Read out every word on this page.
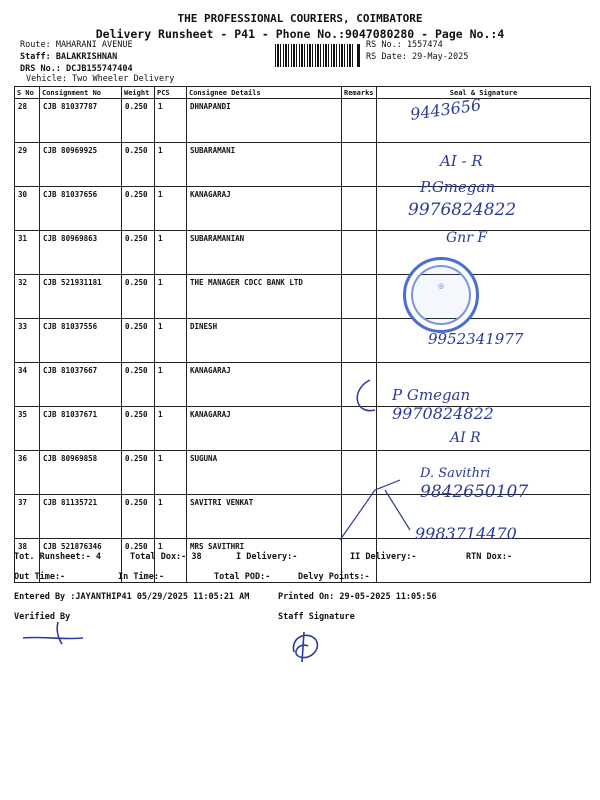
THE PROFESSIONAL COURIERS, COIMBATORE
Delivery Runsheet - P41 - Phone No.:9047080280 - Page No.:4
Route: MAHARANI AVENUE
Staff: BALAKRISHNAN
DRS No.: DCJB155747404
Vehicle: Two Wheeler Delivery
RS No.: 1557474
RS Date: 29-May-2025
S No	Consignment No	Weight	PCS	Consignee Details	Remarks	Seal & Signature
28	CJB 81037787	0.250	1	DHNAPANDI		
29	CJB 80969925	0.250	1	SUBARAMANI		
30	CJB 81037656	0.250	1	KANAGARAJ		
31	CJB 80969863	0.250	1	SUBARAMANIAN		
32	CJB 521931181	0.250	1	THE MANAGER CDCC BANK LTD		
33	CJB 81037556	0.250	1	DINESH		
34	CJB 81037667	0.250	1	KANAGARAJ		
35	CJB 81037671	0.250	1	KANAGARAJ		
36	CJB 80969858	0.250	1	SUGUNA		
37	CJB 81135721	0.250	1	SAVITRI VENKAT		
38	CJB 521876346	0.250	1	MRS SAVITHRI		
9443656
AI - R
P.Gmegan
9976824822
Gnr F
◎
9952341977
P Gmegan
9970824822
AI R
D. Savithri
9842650107
9983714470
Tot. Runsheet:- 4	Total Dox:- 38	I Delivery:-	II Delivery:-	RTN Dox:-
Out Time:-	In Time:-	Total POD:-	Delvy Points:-
Entered By :JAYANTHIP41 05/29/2025 11:05:21 AM	Printed On: 29-05-2025 11:05:56
Verified By	Staff Signature
